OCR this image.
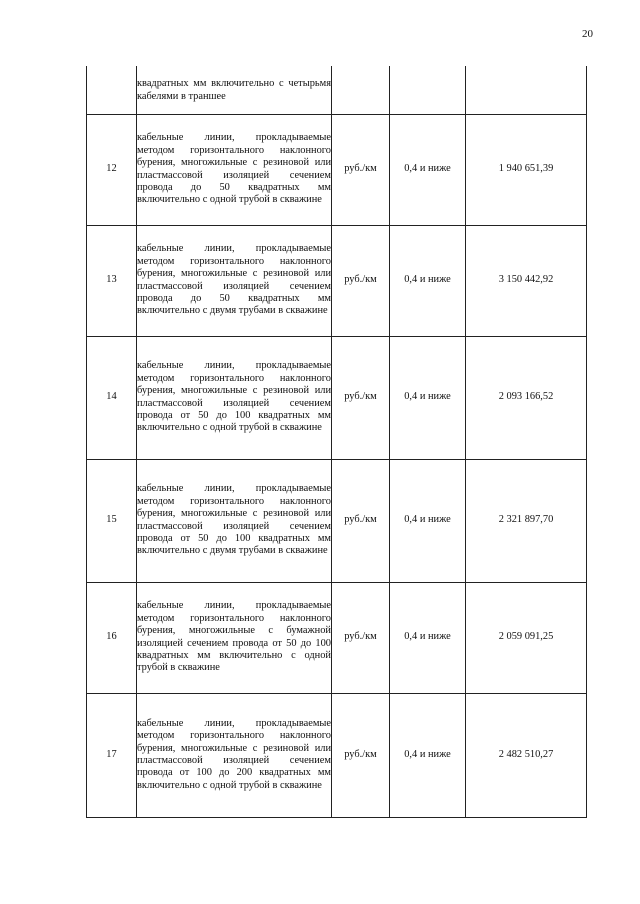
20
	квадратных мм включительно с четырьмя кабелями в траншее			
12	кабельные линии, прокладываемые методом горизонтального наклонного бурения, многожильные с резиновой или пластмассовой изоляцией сечением провода до 50 квадратных мм включительно с одной трубой в скважине	руб./км	0,4 и ниже	1 940 651,39
13	кабельные линии, прокладываемые методом горизонтального наклонного бурения, многожильные с резиновой или пластмассовой изоляцией сечением провода до 50 квадратных мм включительно с двумя трубами в скважине	руб./км	0,4 и ниже	3 150 442,92
14	кабельные линии, прокладываемые методом горизонтального наклонного бурения, многожильные с резиновой или пластмассовой изоляцией сечением провода от 50 до 100 квадратных мм включительно с одной трубой в скважине	руб./км	0,4 и ниже	2 093 166,52
15	кабельные линии, прокладываемые методом горизонтального наклонного бурения, многожильные с резиновой или пластмассовой изоляцией сечением провода от 50 до 100 квадратных мм включительно с двумя трубами в скважине	руб./км	0,4 и ниже	2 321 897,70
16	кабельные линии, прокладываемые методом горизонтального наклонного бурения, многожильные с бумажной изоляцией сечением провода от 50 до 100 квадратных мм включительно с одной трубой в скважине	руб./км	0,4 и ниже	2 059 091,25
17	кабельные линии, прокладываемые методом горизонтального наклонного бурения, многожильные с резиновой или пластмассовой изоляцией сечением провода от 100 до 200 квадратных мм включительно с одной трубой в скважине	руб./км	0,4 и ниже	2 482 510,27
